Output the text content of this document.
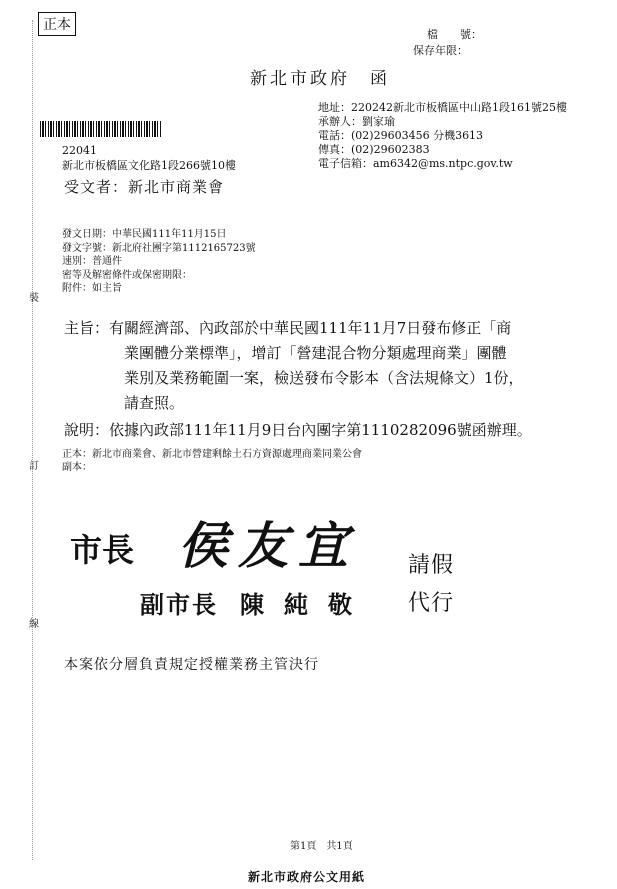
裝
訂
線
正本
檔　　號：
保存年限：
新北市政府　函
地址：220242新北市板橋區中山路1段161號25樓
承辦人：劉家瑜
電話：(02)29603456 分機3613
傳真：(02)29602383
電子信箱：am6342@ms.ntpc.gov.tw
22041
新北市板橋區文化路1段266號10樓
受文者：新北市商業會
發文日期：中華民國111年11月15日
發文字號：新北府社團字第1112165723號
速別：普通件
密等及解密條件或保密期限：
附件：如主旨
主旨：有關經濟部、內政部於中華民國111年11月7日發布修正「商
業團體分業標準」，增訂「營建混合物分類處理商業」團體
業別及業務範圍一案，檢送發布令影本（含法規條文）1份，
請查照。
說明：依據內政部111年11月9日台內團字第1110282096號函辦理。
正本：新北市商業會、新北市營建剩餘土石方資源處理商業同業公會
副本：
市長 侯友宜 請假
副市長 陳純敬 代行
本案依分層負責規定授權業務主管決行
第1頁　共1頁
新北市政府公文用紙
